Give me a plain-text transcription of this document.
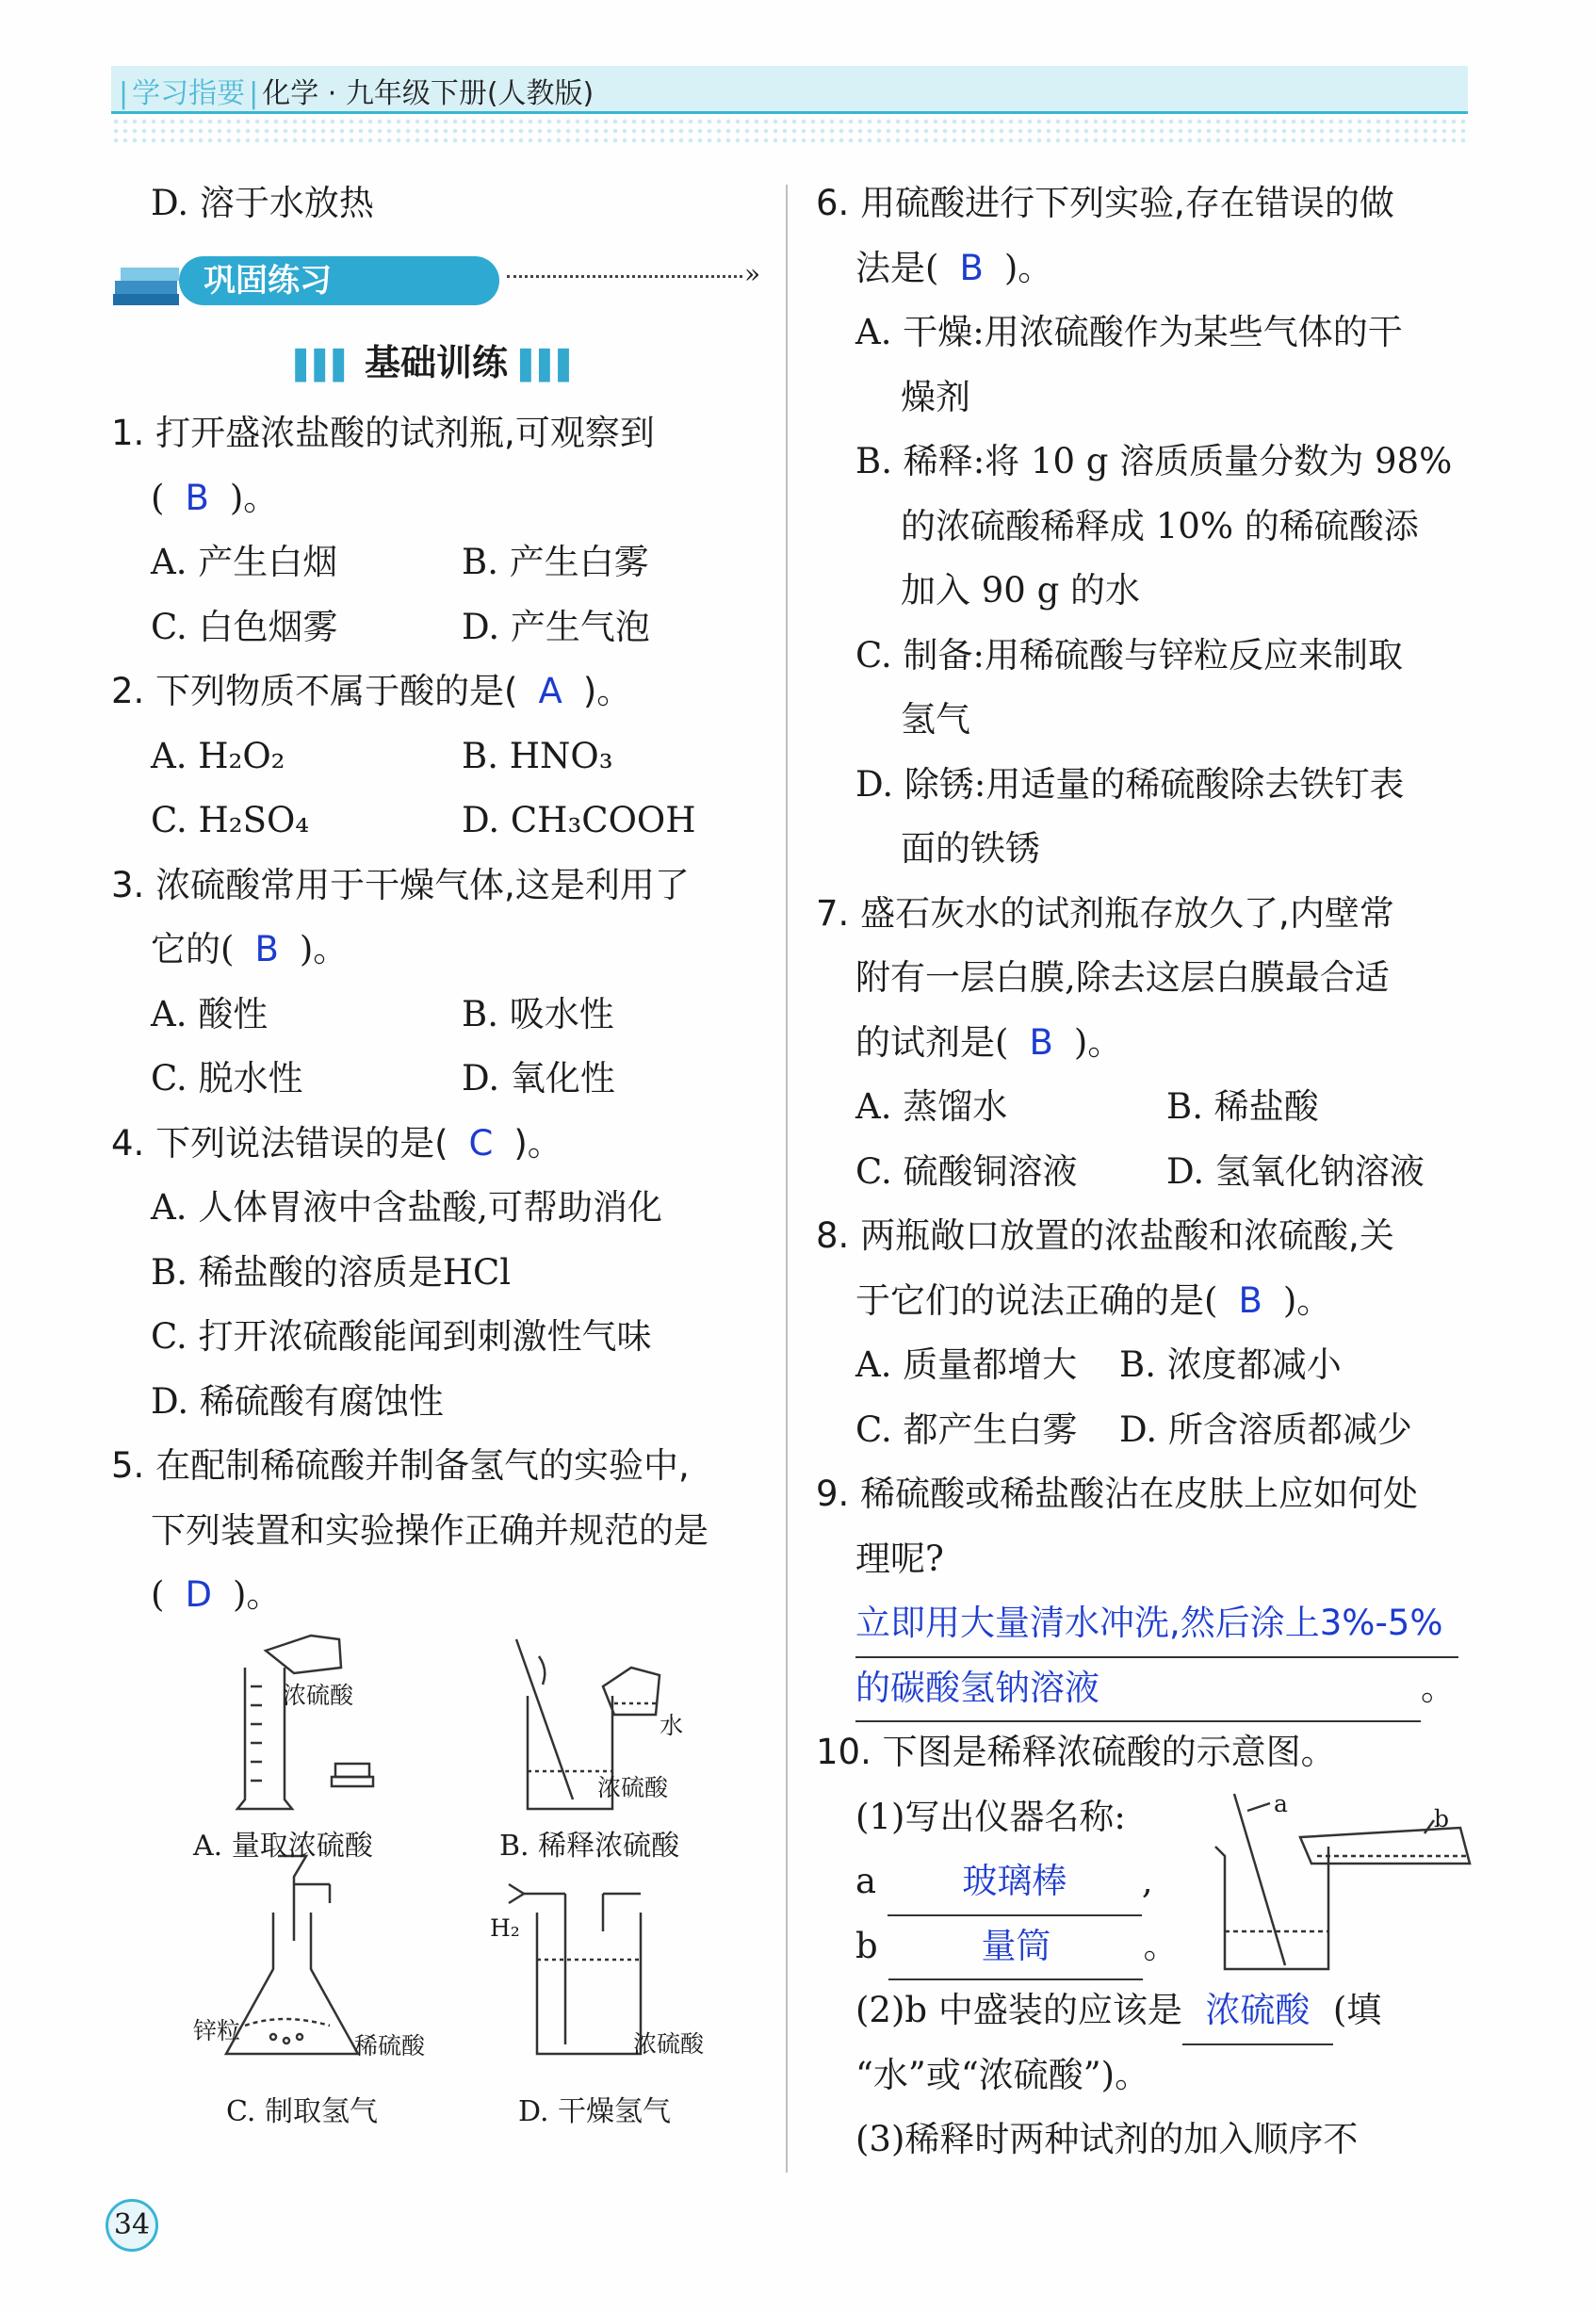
| 学习指要 | 化学 · 九年级下册(人教版)
D. 溶于水放热
巩固练习	»
▌▌▌ 基础训练 ▌▌▌
1. 打开盛浓盐酸的试剂瓶,可观察到
( B )。
A. 产生白烟	B. 产生白雾
C. 白色烟雾	D. 产生气泡
2. 下列物质不属于酸的是( A )。
A. H₂O₂	B. HNO₃
C. H₂SO₄	D. CH₃COOH
3. 浓硫酸常用于干燥气体,这是利用了
它的( B )。
A. 酸性	B. 吸水性
C. 脱水性	D. 氧化性
4. 下列说法错误的是( C )。
A. 人体胃液中含盐酸,可帮助消化
B. 稀盐酸的溶质是HCl
C. 打开浓硫酸能闻到刺激性气味
D. 稀硫酸有腐蚀性
5. 在配制稀硫酸并制备氢气的实验中,
下列装置和实验操作正确并规范的是
( D )。
浓硫酸
A. 量取浓硫酸
水
浓硫酸
B. 稀释浓硫酸
锌粒
稀硫酸
C. 制取氢气
H₂
浓硫酸
D. 干燥氢气
6. 用硫酸进行下列实验,存在错误的做
法是( B )。
A. 干燥:用浓硫酸作为某些气体的干
燥剂
B. 稀释:将 10 g 溶质质量分数为 98%
的浓硫酸稀释成 10% 的稀硫酸添
加入 90 g 的水
C. 制备:用稀硫酸与锌粒反应来制取
氢气
D. 除锈:用适量的稀硫酸除去铁钉表
面的铁锈
7. 盛石灰水的试剂瓶存放久了,内壁常
附有一层白膜,除去这层白膜最合适
的试剂是( B )。
A. 蒸馏水	B. 稀盐酸
C. 硫酸铜溶液	D. 氢氧化钠溶液
8. 两瓶敞口放置的浓盐酸和浓硫酸,关
于它们的说法正确的是( B )。
A. 质量都增大 B. 浓度都减小
C. 都产生白雾 D. 所含溶质都减少
9. 稀硫酸或稀盐酸沾在皮肤上应如何处
理呢?
立即用大量清水冲洗,然后涂上3%-5%
的碳酸氢钠溶液	。
10. 下图是稀释浓硫酸的示意图。
(1)写出仪器名称:
a 玻璃棒 ,
b	量筒	。
(2)b 中盛装的应该是 浓硫酸 (填
“水”或“浓硫酸”)。
(3)稀释时两种试剂的加入顺序不
a
b
34
